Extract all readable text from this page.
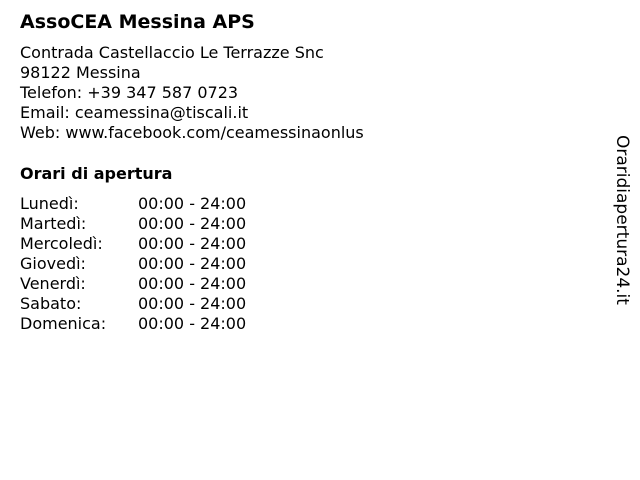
AssoCEA Messina APS
Contrada Castellaccio Le Terrazze Snc
98122 Messina
Telefon: +39 347 587 0723
Email: ceamessina@tiscali.it
Web: www.facebook.com/ceamessinaonlus
Orari di apertura
Lunedì:	00:00 - 24:00
Martedì:	00:00 - 24:00
Mercoledì: 00:00 - 24:00
Giovedì:	00:00 - 24:00
Venerdì:	00:00 - 24:00
Sabato:	00:00 - 24:00
Domenica: 00:00 - 24:00
Oraridiapertura24.it
